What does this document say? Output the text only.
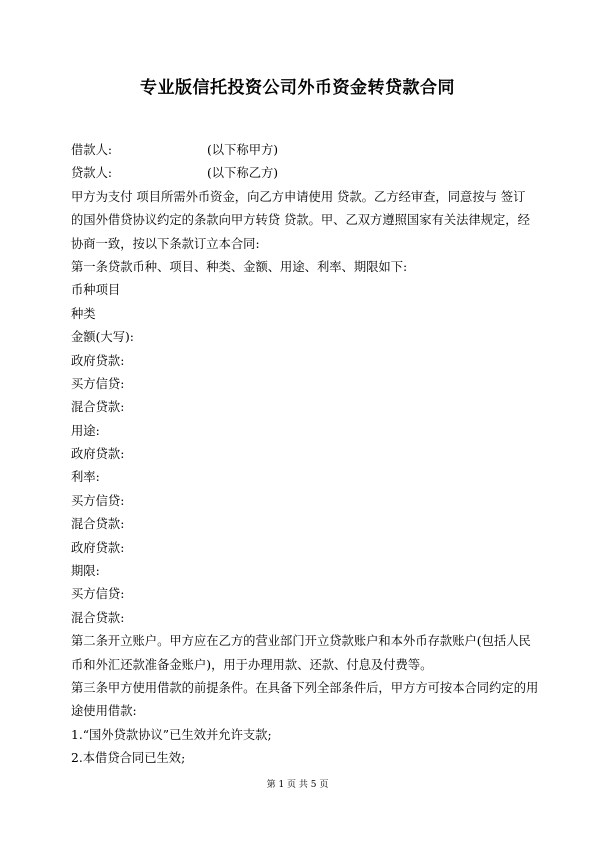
专业版信托投资公司外币资金转贷款合同
借款人:	(以下称甲方)
贷款人:	(以下称乙方)
甲方为支付 项目所需外币资金，向乙方申请使用 贷款。乙方经审查，同意按与 签订
的国外借贷协议约定的条款向甲方转贷 贷款。甲、乙双方遵照国家有关法律规定，经
协商一致，按以下条款订立本合同:
第一条贷款币种、项目、种类、金额、用途、利率、期限如下:
币种项目
种类
金额(大写):
政府贷款:
买方信贷:
混合贷款:
用途:
政府贷款:
利率:
买方信贷:
混合贷款:
政府贷款:
期限:
买方信贷:
混合贷款:
第二条开立账户。甲方应在乙方的营业部门开立贷款账户和本外币存款账户(包括人民
币和外汇还款准备金账户)，用于办理用款、还款、付息及付费等。
第三条甲方使用借款的前提条件。在具备下列全部条件后，甲方方可按本合同约定的用
途使用借款:
1.“国外贷款协议”已生效并允许支款;
2.本借贷合同已生效;
第 1 页 共 5 页
